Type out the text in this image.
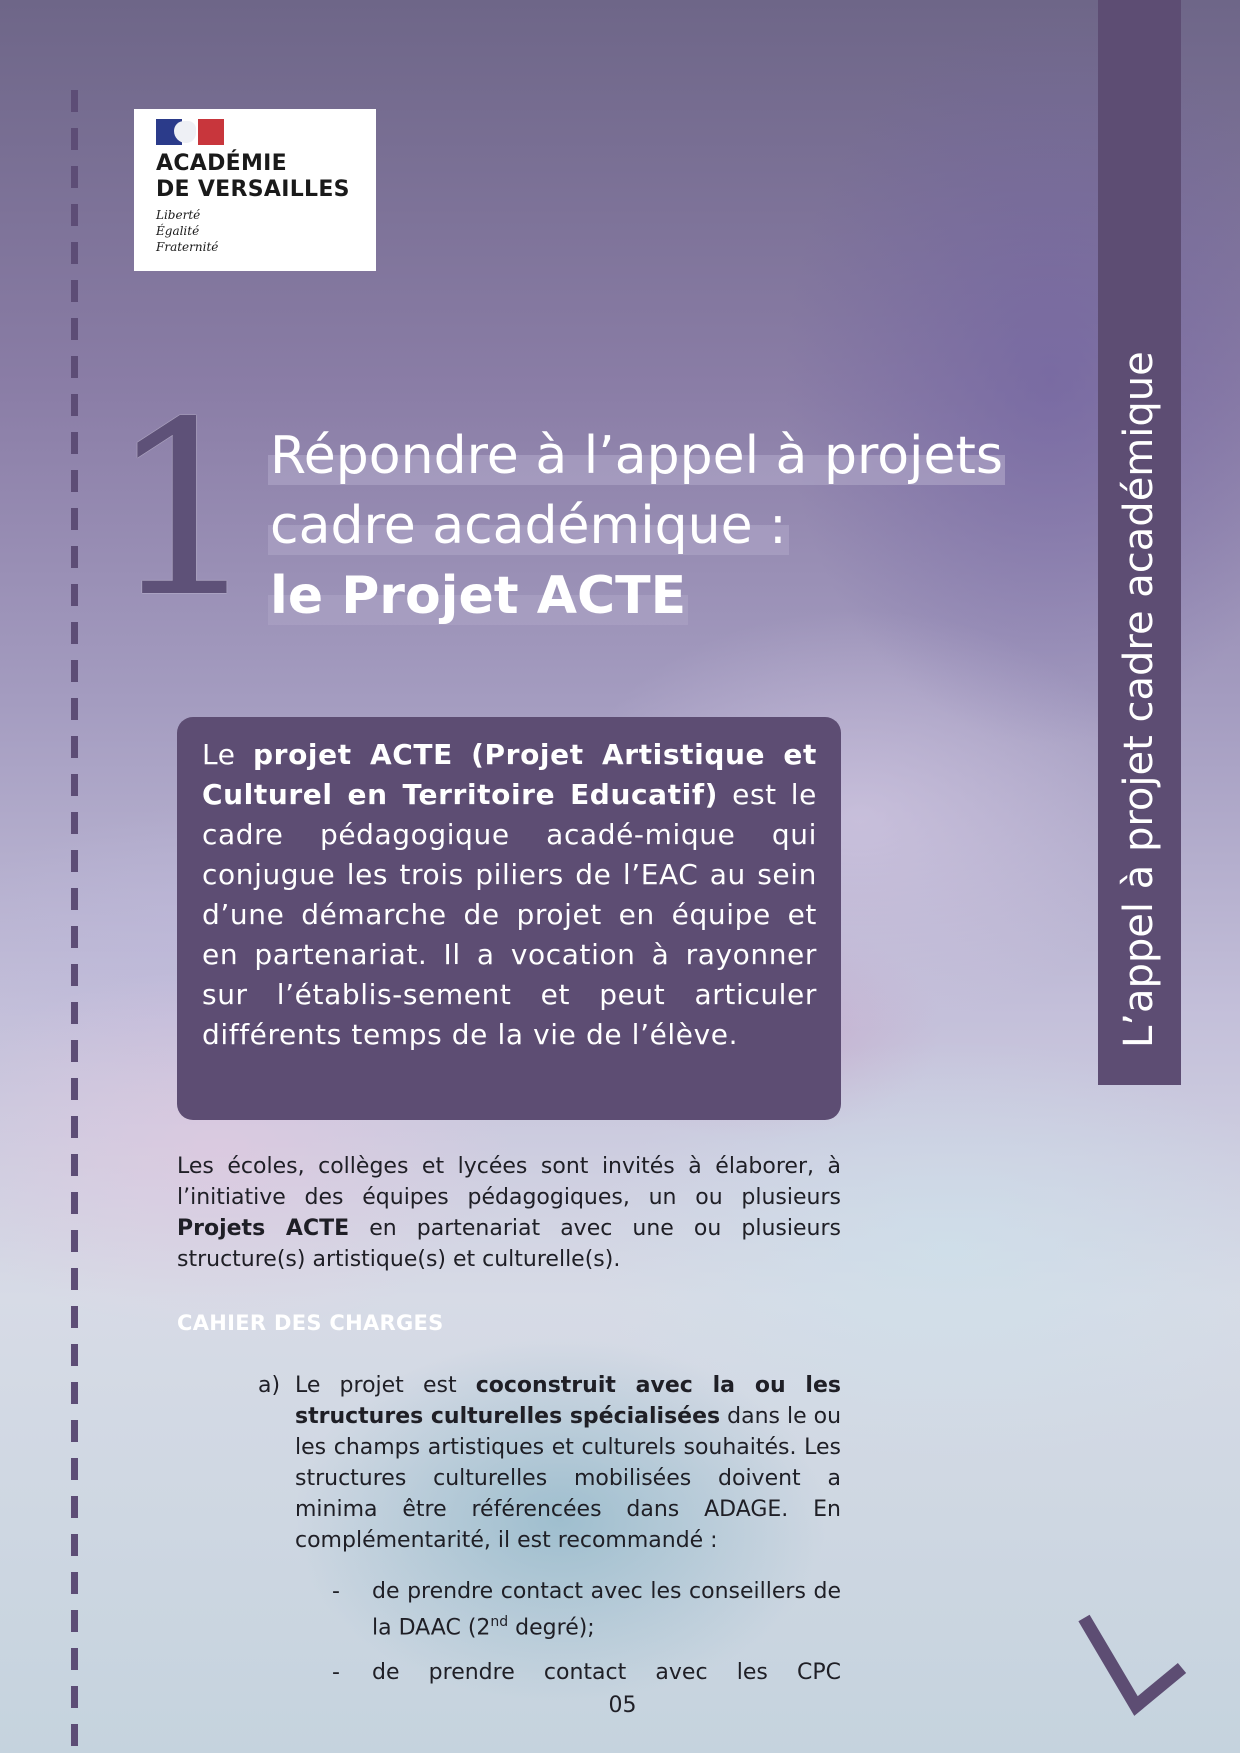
ACADÉMIE
DE VERSAILLES
Liberté
Égalité
Fraternité
1 Répondre à l’appel à projets
cadre académique :
le Projet ACTE	L’appel à projet cadre académique
Le projet ACTE (Projet Artistique et Culturel en Territoire Educatif) est le cadre pédagogique acadé-mique qui conjugue les trois piliers de l’EAC au sein d’une démarche de projet en équipe et en partenariat. Il a vocation à rayonner sur l’établis-sement et peut articuler différents temps de la vie de l’élève.
Les écoles, collèges et lycées sont invités à élaborer, à l’initiative des équipes pédagogiques, un ou plusieurs Projets ACTE en partenariat avec une ou plusieurs structure(s) artistique(s) et culturelle(s).
CAHIER DES CHARGES
a) Le projet est coconstruit avec la ou les structures culturelles spécialisées dans le ou les champs artistiques et culturels souhaités. Les structures culturelles mobilisées doivent a minima être référencées dans ADAGE. En complémentarité, il est recommandé :
- de prendre contact avec les conseillers de la DAAC (2nd degré);
- de prendre contact avec les CPC
05
